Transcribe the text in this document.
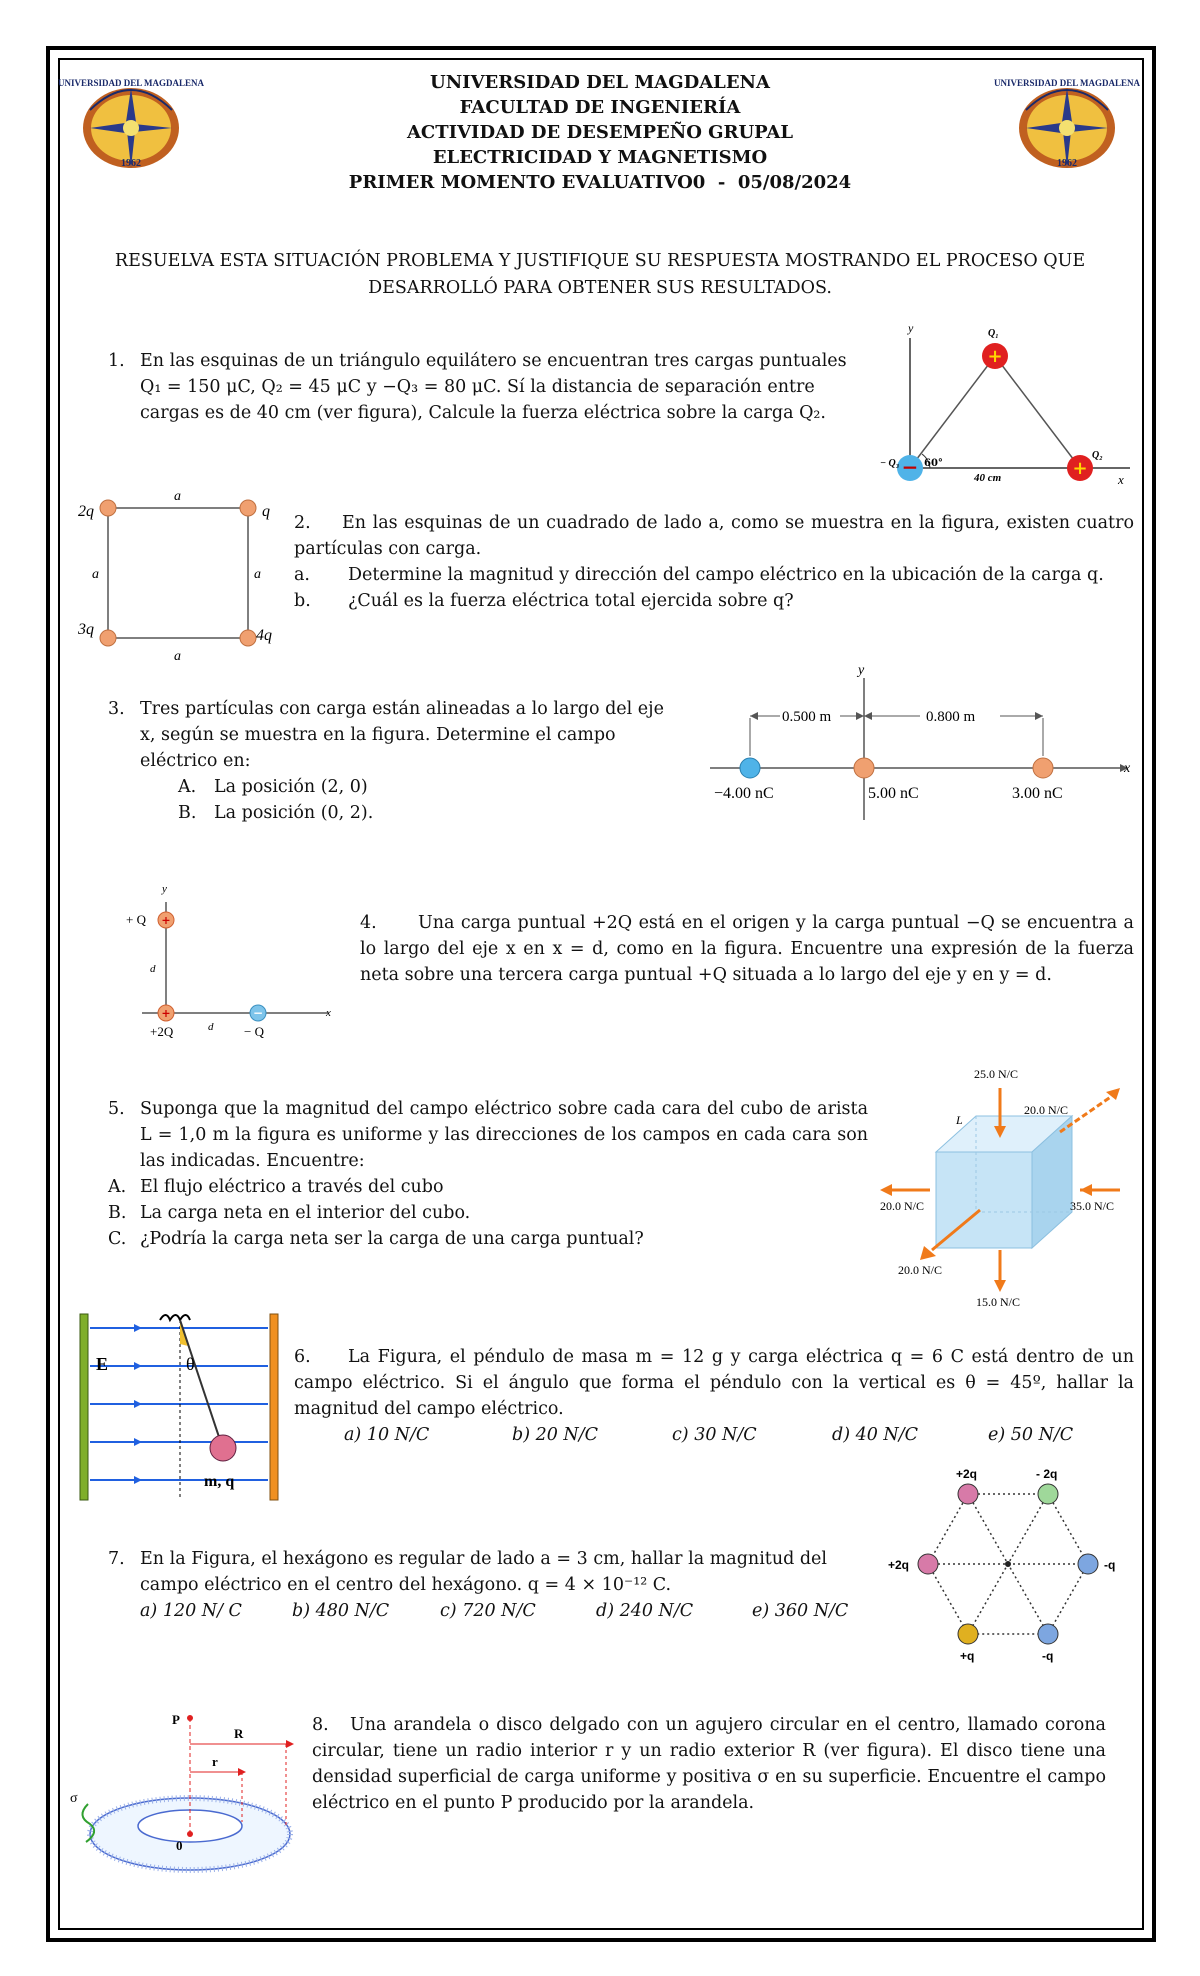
UNIVERSIDAD DEL MAGDALENA
1962
UNIVERSIDAD DEL MAGDALENA
1962
UNIVERSIDAD DEL MAGDALENA
FACULTAD DE INGENIERÍA
ACTIVIDAD DE DESEMPEÑO GRUPAL
ELECTRICIDAD Y MAGNETISMO
PRIMER MOMENTO EVALUATIVO0  -  05/08/2024
RESUELVA ESTA SITUACIÓN PROBLEMA Y JUSTIFIQUE SU RESPUESTA MOSTRANDO EL PROCESO QUE DESARROLLÓ PARA OBTENER SUS RESULTADOS.
1. En las esquinas de un triángulo equilátero se encuentran tres cargas puntuales
Q₁ = 150 μC, Q₂ = 45 μC y −Q₃ = 80 μC. Sí la distancia de separación entre
cargas es de 40 cm (ver figura), Calcule la fuerza eléctrica sobre la carga Q₂.
y
x
+
Q₁
+
Q₂
−
− Q₃ 60°
40 cm
2q	q
3q	4q
a
a
a	a
2. En las esquinas de un cuadrado de lado a, como se muestra en la figura, existen cuatro partículas con carga.
a. Determine la magnitud y dirección del campo eléctrico en la ubicación de la carga q.
b. ¿Cuál es la fuerza eléctrica total ejercida sobre q?
3. Tres partículas con carga están alineadas a lo largo del eje
x, según se muestra en la figura. Determine el campo
eléctrico en:
A. La posición (2, 0)
B. La posición (0, 2).
y
x
0.500 m	0.800 m
−4.00 nC	5.00 nC	3.00 nC
y
x
+
+	−
+ Q
+2Q	− Q
d
d
4. Una carga puntual +2Q está en el origen y la carga puntual −Q se encuentra a lo largo del eje x en x = d, como en la figura. Encuentre una expresión de la fuerza neta sobre una tercera carga puntual +Q situada a lo largo del eje y en y = d.
5. Suponga que la magnitud del campo eléctrico sobre cada cara del cubo de arista L = 1,0 m la figura es uniforme y las direcciones de los campos en cada cara son las indicadas. Encuentre:
A. El flujo eléctrico a través del cubo
B. La carga neta en el interior del cubo.
C. ¿Podría la carga neta ser la carga de una carga puntual?
25.0 N/C
20.0 N/C
20.0 N/C	35.0 N/C
20.0 N/C
15.0 N/C
L
E	θ
m, q
6. La Figura, el péndulo de masa m = 12 g y carga eléctrica q = 6 C está dentro de un campo eléctrico. Si el ángulo que forma el péndulo con la vertical es θ = 45º, hallar la magnitud del campo eléctrico.
a) 10 N/C	b) 20 N/C	c) 30 N/C	d) 40 N/C	e) 50 N/C
7. En la Figura, el hexágono es regular de lado a = 3 cm, hallar la magnitud del
campo eléctrico en el centro del hexágono. q = 4 × 10⁻¹² C.
a) 120 N/ C	b) 480 N/C	c) 720 N/C	d) 240 N/C	e) 360 N/C
+2q	- 2q
+2q	-q
+q	-q
P
R
r
σ
0
8. Una arandela o disco delgado con un agujero circular en el centro, llamado corona circular, tiene un radio interior r y un radio exterior R (ver figura). El disco tiene una densidad superficial de carga uniforme y positiva σ en su superficie. Encuentre el campo eléctrico en el punto P producido por la arandela.
